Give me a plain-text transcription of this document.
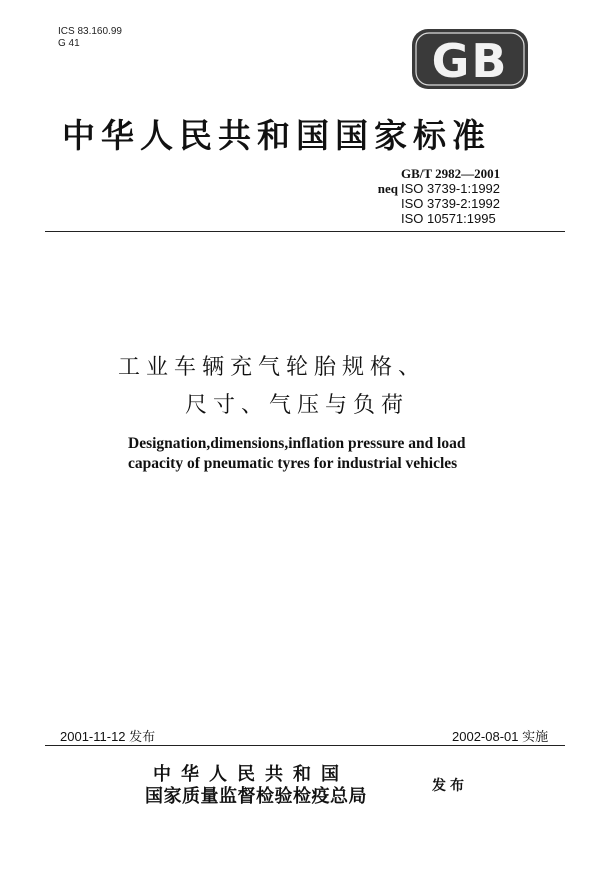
ICS 83.160.99
G 41	GB
中华人民共和国国家标准
GB/T 2982—2001
neq ISO 3739-1:1992
ISO 3739-2:1992
ISO 10571:1995
工业车辆充气轮胎规格、
尺寸、气压与负荷
Designation,dimensions,inflation pressure and load
capacity of pneumatic tyres for industrial vehicles
2001-11-12 发布	2002-08-01 实施
中华人民共和国
国家质量监督检验检疫总局	发布
